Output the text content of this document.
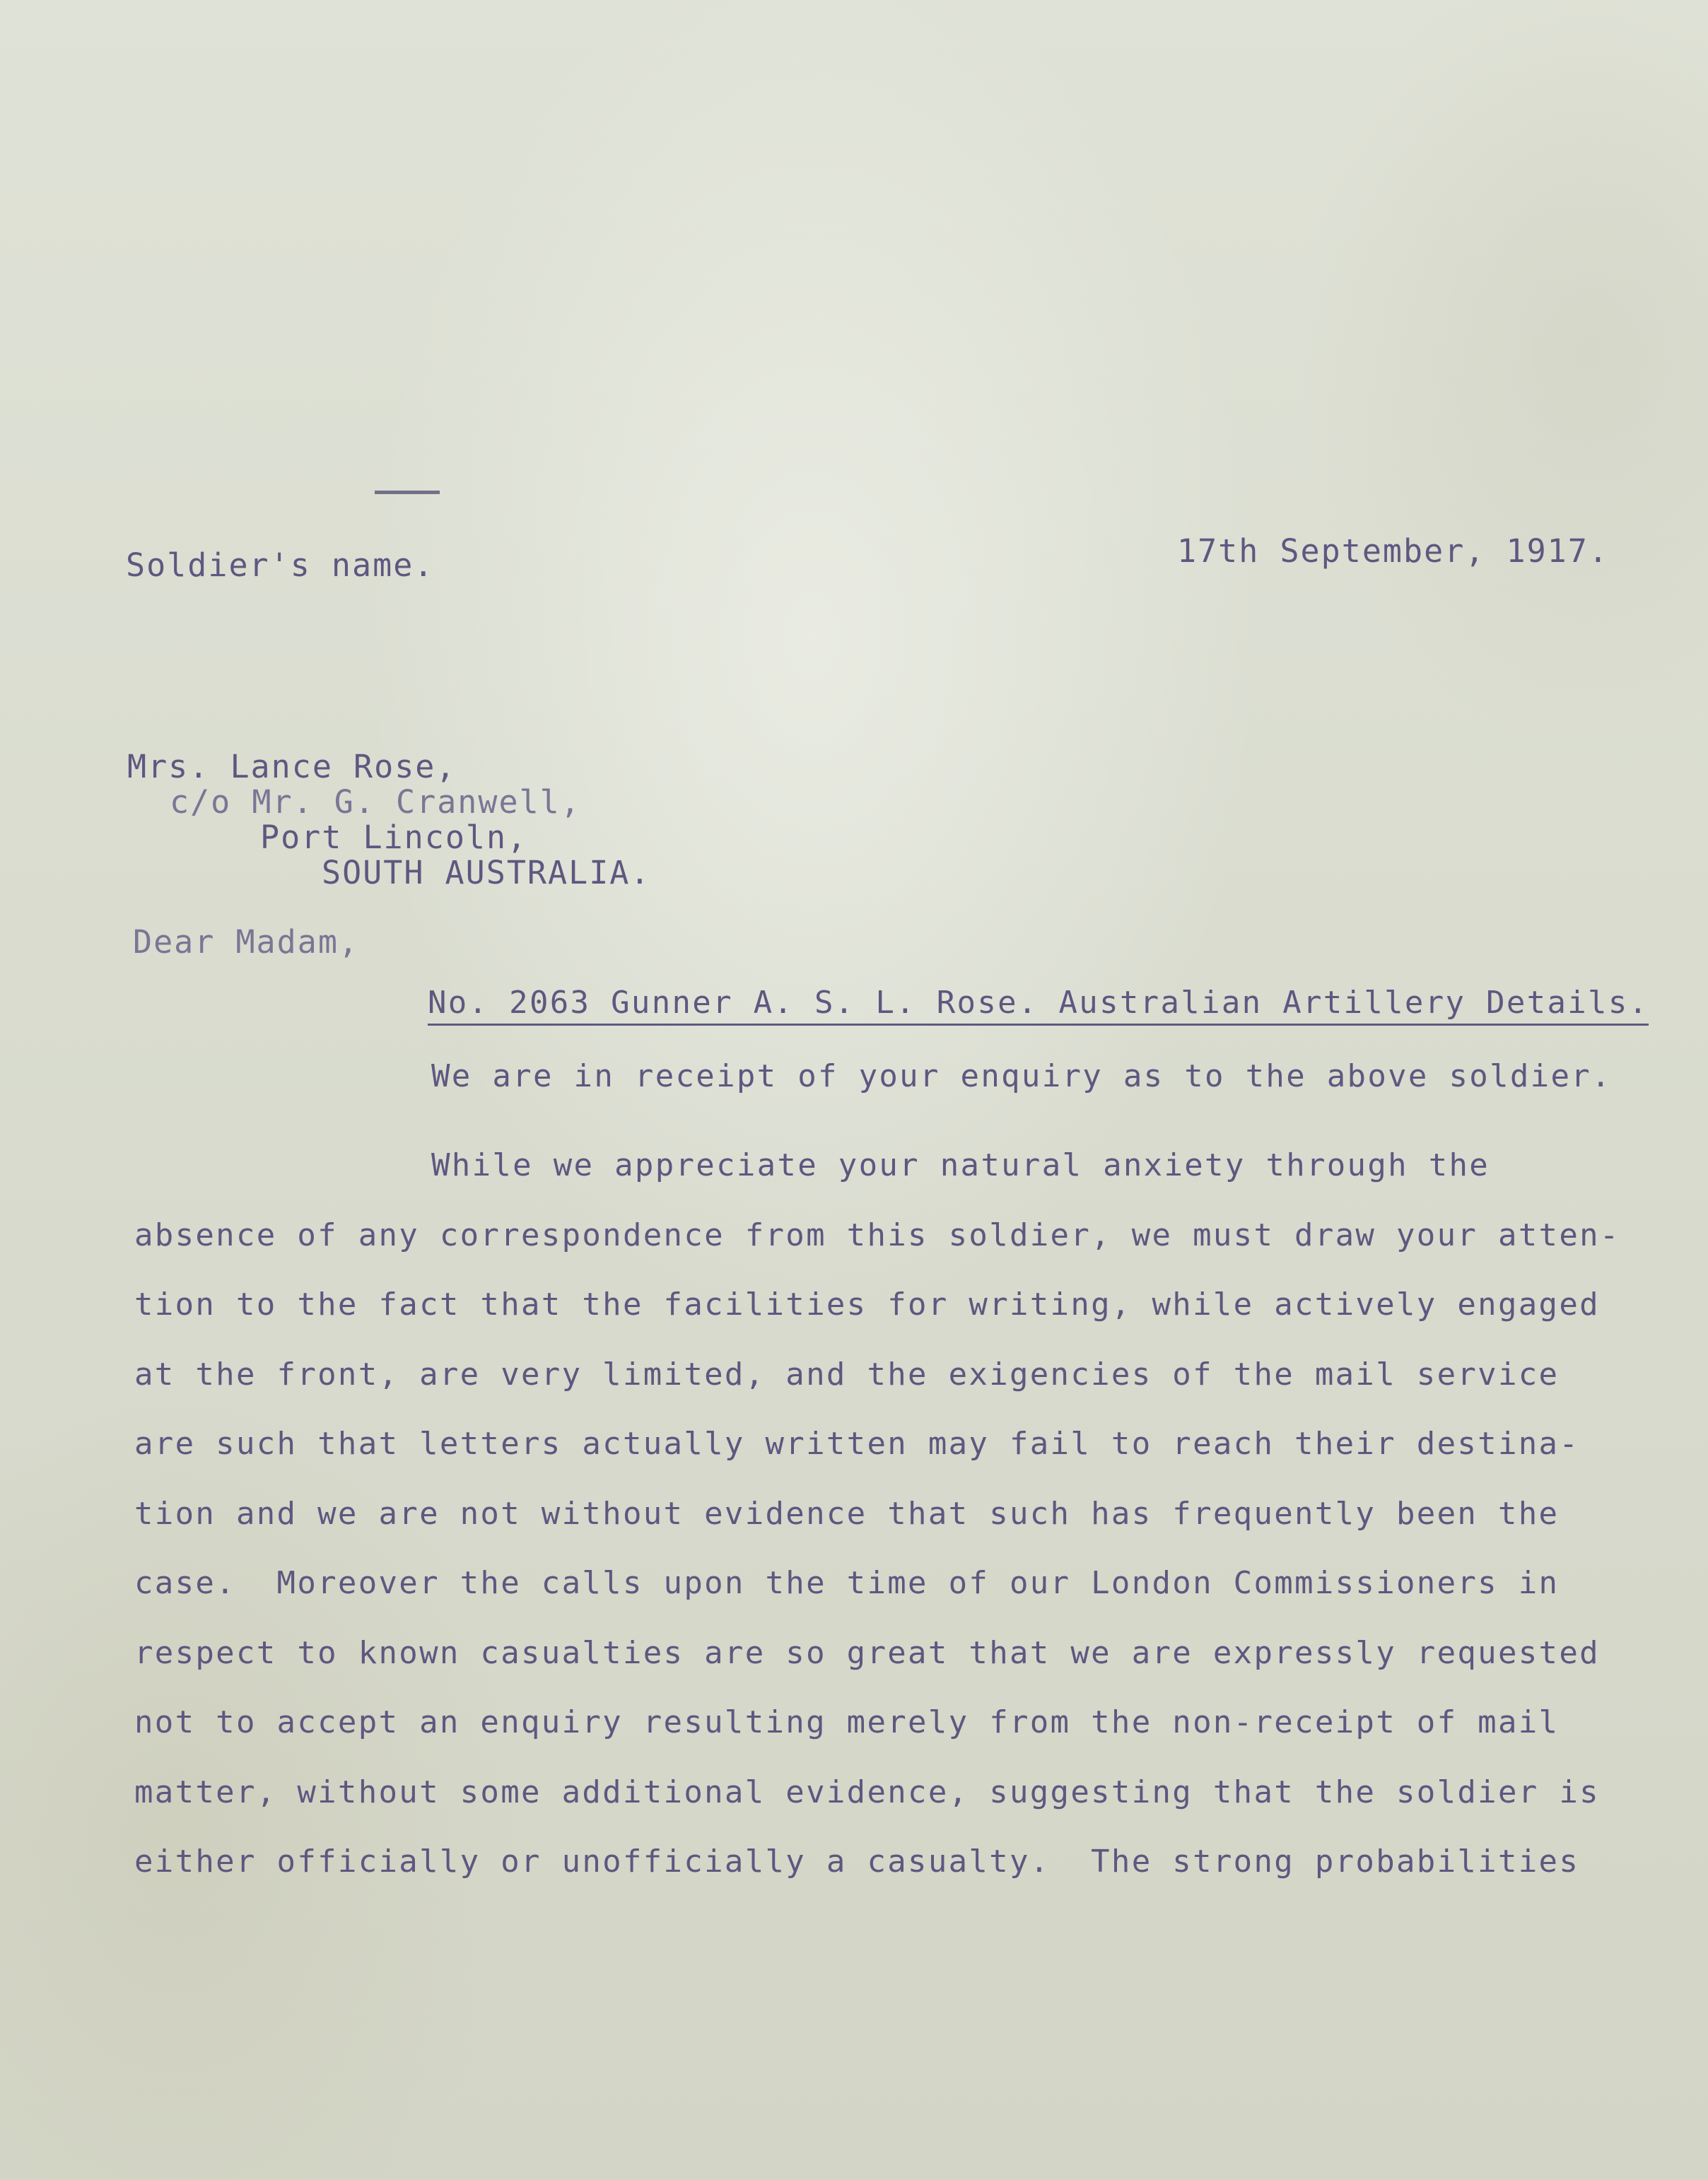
Soldier's name.	17th September, 1917.
Mrs. Lance Rose,
c/o Mr. G. Cranwell,
Port Lincoln,
SOUTH AUSTRALIA.
Dear Madam,
No. 2063 Gunner A. S. L. Rose. Australian Artillery Details.
We are in receipt of your enquiry as to the above soldier.
While we appreciate your natural anxiety through the
absence of any correspondence from this soldier, we must draw your atten-
tion to the fact that the facilities for writing, while actively engaged
at the front, are very limited, and the exigencies of the mail service
are such that letters actually written may fail to reach their destina-
tion and we are not without evidence that such has frequently been the
case.  Moreover the calls upon the time of our London Commissioners in
respect to known casualties are so great that we are expressly requested
not to accept an enquiry resulting merely from the non-receipt of mail
matter, without some additional evidence, suggesting that the soldier is
either officially or unofficially a casualty.  The strong probabilities
